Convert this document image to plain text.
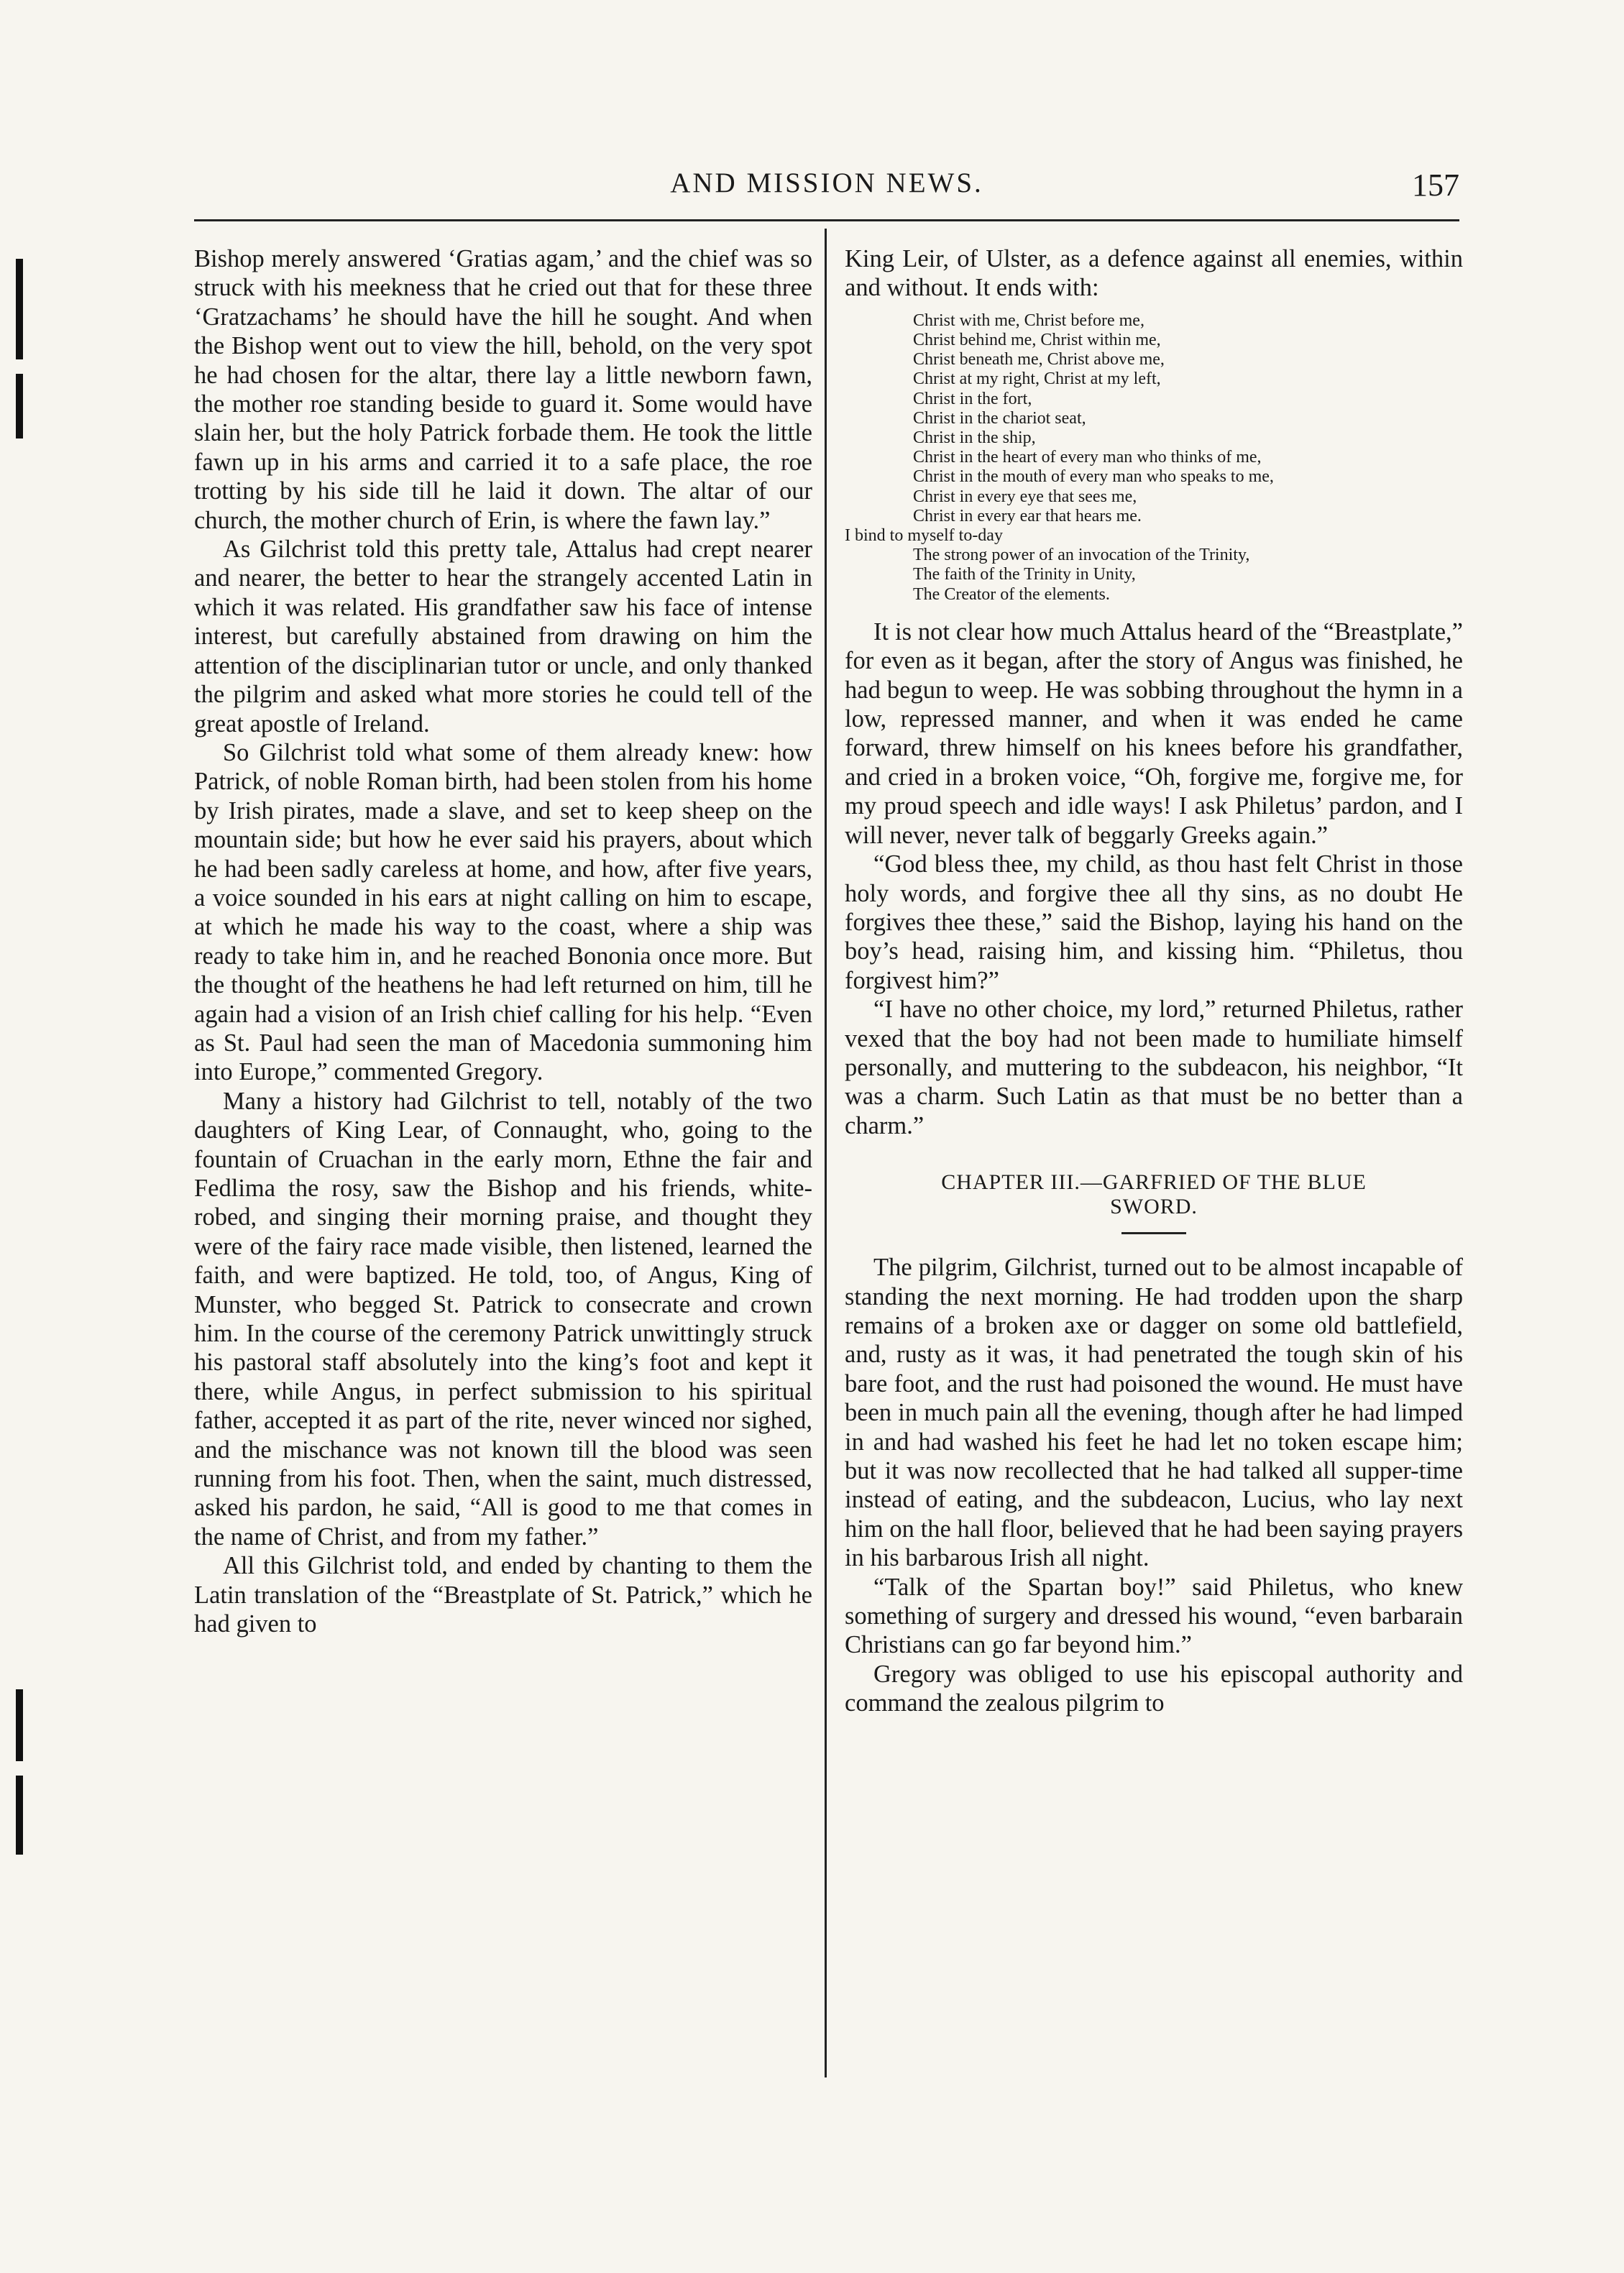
AND MISSION NEWS.	157

Bishop merely answered ‘Gratias agam,’ and the chief was so struck with his meekness that he cried out that for these three ‘Gratzachams’ he should have the hill he sought. And when the Bishop went out to view the hill, behold, on the very spot he had chosen for the altar, there lay a little newborn fawn, the mother roe standing beside to guard it. Some would have slain her, but the holy Patrick forbade them. He took the little fawn up in his arms and carried it to a safe place, the roe trotting by his side till he laid it down. The altar of our church, the mother church of Erin, is where the fawn lay.”

As Gilchrist told this pretty tale, Attalus had crept nearer and nearer, the better to hear the strangely accented Latin in which it was related. His grandfather saw his face of intense interest, but carefully abstained from drawing on him the attention of the disciplinarian tutor or uncle, and only thanked the pilgrim and asked what more stories he could tell of the great apostle of Ireland.

So Gilchrist told what some of them already knew: how Patrick, of noble Roman birth, had been stolen from his home by Irish pirates, made a slave, and set to keep sheep on the mountain side; but how he ever said his prayers, about which he had been sadly careless at home, and how, after five years, a voice sounded in his ears at night calling on him to escape, at which he made his way to the coast, where a ship was ready to take him in, and he reached Bononia once more. But the thought of the heathens he had left returned on him, till he again had a vision of an Irish chief calling for his help. “Even as St. Paul had seen the man of Macedonia summoning him into Europe,” commented Gregory.

Many a history had Gilchrist to tell, notably of the two daughters of King Lear, of Connaught, who, going to the fountain of Cruachan in the early morn, Ethne the fair and Fedlima the rosy, saw the Bishop and his friends, white-robed, and singing their morning praise, and thought they were of the fairy race made visible, then listened, learned the faith, and were baptized. He told, too, of Angus, King of Munster, who begged St. Patrick to consecrate and crown him. In the course of the ceremony Patrick unwittingly struck his pastoral staff absolutely into the king’s foot and kept it there, while Angus, in perfect submission to his spiritual father, accepted it as part of the rite, never winced nor sighed, and the mischance was not known till the blood was seen running from his foot. Then, when the saint, much distressed, asked his pardon, he said, “All is good to me that comes in the name of Christ, and from my father.”

All this Gilchrist told, and ended by chanting to them the Latin translation of the “Breastplate of St. Patrick,” which he had given to

King Leir, of Ulster, as a defence against all enemies, within and without. It ends with:

Christ with me, Christ before me,
Christ behind me, Christ within me,
Christ beneath me, Christ above me,
Christ at my right, Christ at my left,
Christ in the fort,
Christ in the chariot seat,
Christ in the ship,
Christ in the heart of every man who thinks of me,
Christ in the mouth of every man who speaks to me,
Christ in every eye that sees me,
Christ in every ear that hears me.
I bind to myself to-day
The strong power of an invocation of the Trinity,
The faith of the Trinity in Unity,
The Creator of the elements.

It is not clear how much Attalus heard of the “Breastplate,” for even as it began, after the story of Angus was finished, he had begun to weep. He was sobbing throughout the hymn in a low, repressed manner, and when it was ended he came forward, threw himself on his knees before his grandfather, and cried in a broken voice, “Oh, forgive me, forgive me, for my proud speech and idle ways! I ask Philetus’ pardon, and I will never, never talk of beggarly Greeks again.”

“God bless thee, my child, as thou hast felt Christ in those holy words, and forgive thee all thy sins, as no doubt He forgives thee these,” said the Bishop, laying his hand on the boy’s head, raising him, and kissing him. “Philetus, thou forgivest him?”

“I have no other choice, my lord,” returned Philetus, rather vexed that the boy had not been made to humiliate himself personally, and muttering to the subdeacon, his neighbor, “It was a charm. Such Latin as that must be no better than a charm.”

CHAPTER III.—GARFRIED OF THE BLUE
SWORD.

The pilgrim, Gilchrist, turned out to be almost incapable of standing the next morning. He had trodden upon the sharp remains of a broken axe or dagger on some old battlefield, and, rusty as it was, it had penetrated the tough skin of his bare foot, and the rust had poisoned the wound. He must have been in much pain all the evening, though after he had limped in and had washed his feet he had let no token escape him; but it was now recollected that he had talked all supper-time instead of eating, and the subdeacon, Lucius, who lay next him on the hall floor, believed that he had been saying prayers in his barbarous Irish all night.

“Talk of the Spartan boy!” said Philetus, who knew something of surgery and dressed his wound, “even barbarain Christians can go far beyond him.”

Gregory was obliged to use his episcopal authority and command the zealous pilgrim to
